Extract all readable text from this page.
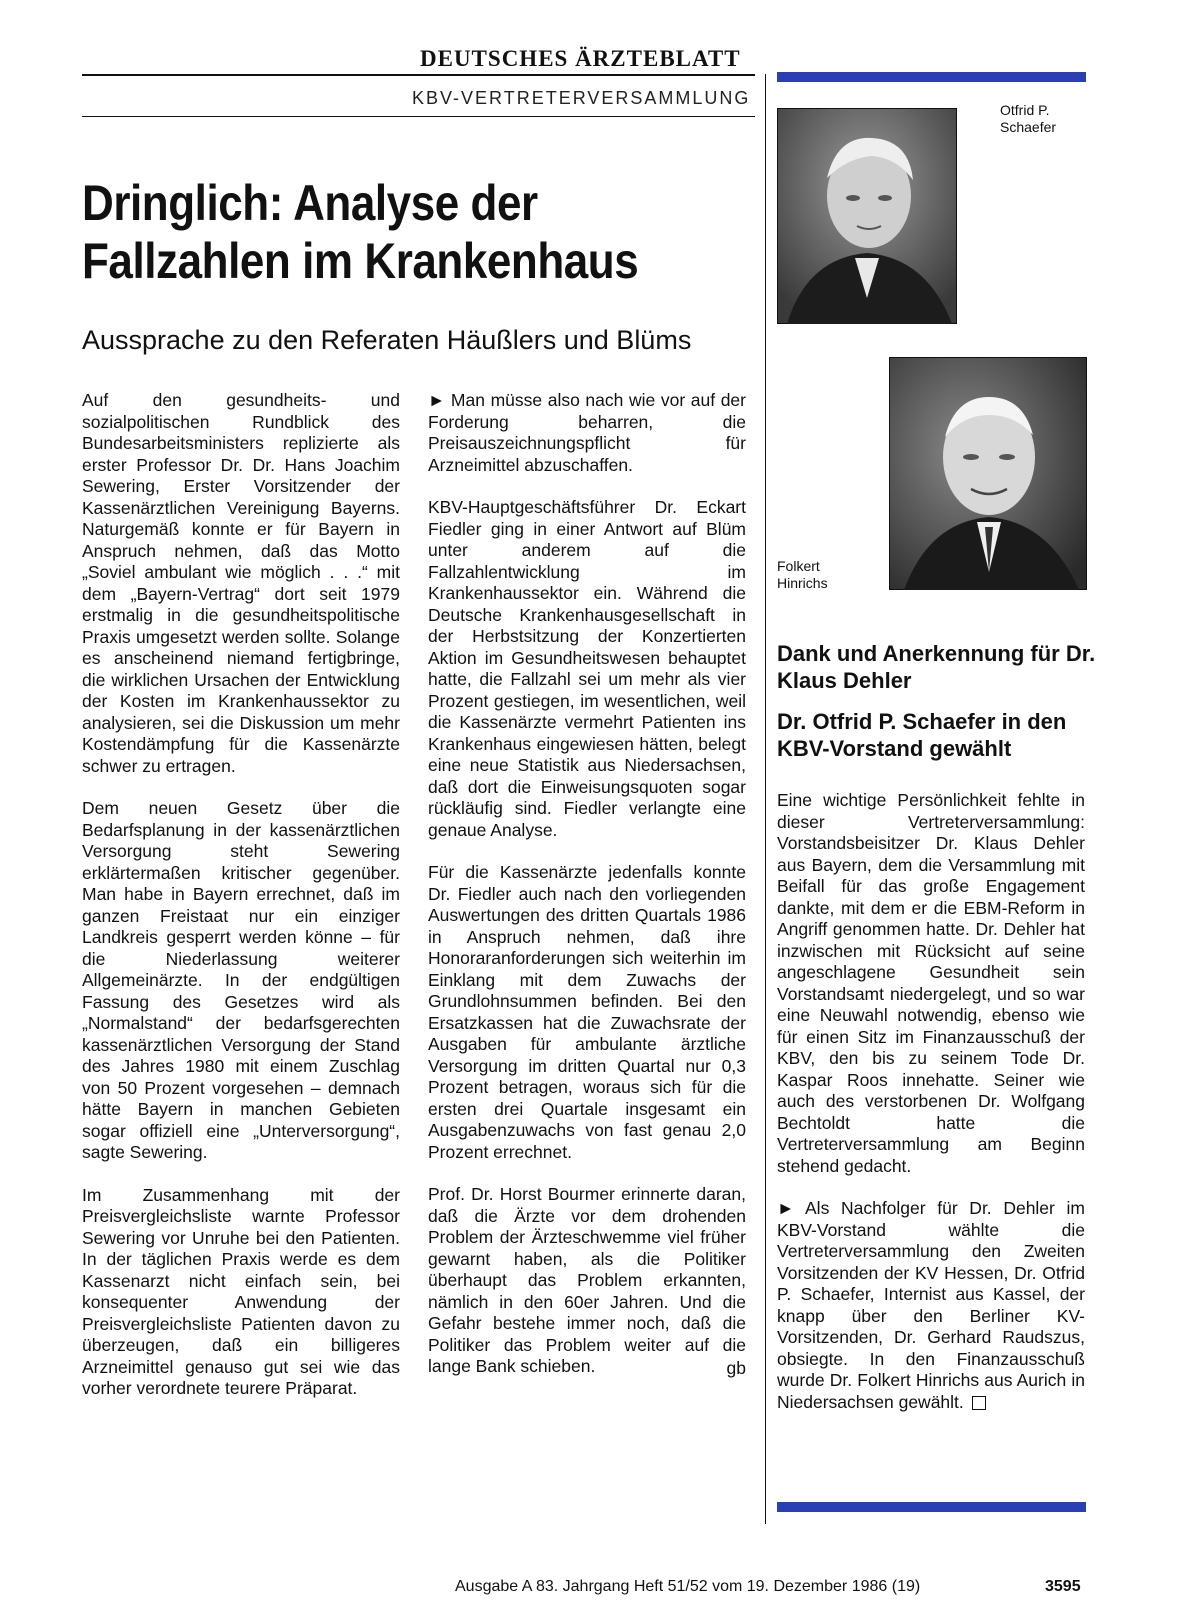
DEUTSCHES ÄRZTEBLATT
KBV-VERTRETERVERSAMMLUNG
Dringlich: Analyse der
Fallzahlen im Krankenhaus
Aussprache zu den Referaten Häußlers und Blüms

Auf den gesundheits- und sozialpolitischen Rundblick des Bundesarbeitsministers replizierte als erster Professor Dr. Dr. Hans Joachim Sewering, Erster Vorsitzender der Kassenärztlichen Vereinigung Bayerns. Naturgemäß konnte er für Bayern in Anspruch nehmen, daß das Motto „Soviel ambulant wie möglich . . .“ mit dem „Bayern-Vertrag“ dort seit 1979 erstmalig in die gesundheitspolitische Praxis umgesetzt werden sollte. Solange es anscheinend niemand fertigbringe, die wirklichen Ursachen der Entwicklung der Kosten im Krankenhaussektor zu analysieren, sei die Diskussion um mehr Kostendämpfung für die Kassenärzte schwer zu ertragen.

Dem neuen Gesetz über die Bedarfsplanung in der kassenärztlichen Versorgung steht Sewering erklärtermaßen kritischer gegenüber. Man habe in Bayern errechnet, daß im ganzen Freistaat nur ein einziger Landkreis gesperrt werden könne – für die Niederlassung weiterer Allgemeinärzte. In der endgültigen Fassung des Gesetzes wird als „Normalstand“ der bedarfsgerechten kassenärztlichen Versorgung der Stand des Jahres 1980 mit einem Zuschlag von 50 Prozent vorgesehen – demnach hätte Bayern in manchen Gebieten sogar offiziell eine „Unterversorgung“, sagte Sewering.

Im Zusammenhang mit der Preisvergleichsliste warnte Professor Sewering vor Unruhe bei den Patienten. In der täglichen Praxis werde es dem Kassenarzt nicht einfach sein, bei konsequenter Anwendung der Preisvergleichsliste Patienten davon zu überzeugen, daß ein billigeres Arzneimittel genauso gut sei wie das vorher verordnete teurere Präparat.

► Man müsse also nach wie vor auf der Forderung beharren, die Preisauszeichnungspflicht für Arzneimittel abzuschaffen.

KBV-Hauptgeschäftsführer Dr. Eckart Fiedler ging in einer Antwort auf Blüm unter anderem auf die Fallzahlentwicklung im Krankenhaussektor ein. Während die Deutsche Krankenhausgesellschaft in der Herbstsitzung der Konzertierten Aktion im Gesundheitswesen behauptet hatte, die Fallzahl sei um mehr als vier Prozent gestiegen, im wesentlichen, weil die Kassenärzte vermehrt Patienten ins Krankenhaus eingewiesen hätten, belegt eine neue Statistik aus Niedersachsen, daß dort die Einweisungsquoten sogar rückläufig sind. Fiedler verlangte eine genaue Analyse.

Für die Kassenärzte jedenfalls konnte Dr. Fiedler auch nach den vorliegenden Auswertungen des dritten Quartals 1986 in Anspruch nehmen, daß ihre Honoraranforderungen sich weiterhin im Einklang mit dem Zuwachs der Grundlohnsummen befinden. Bei den Ersatzkassen hat die Zuwachsrate der Ausgaben für ambulante ärztliche Versorgung im dritten Quartal nur 0,3 Prozent betragen, woraus sich für die ersten drei Quartale insgesamt ein Ausgabenzuwachs von fast genau 2,0 Prozent errechnet.

Prof. Dr. Horst Bourmer erinnerte daran, daß die Ärzte vor dem drohenden Problem der Ärzteschwemme viel früher gewarnt haben, als die Politiker überhaupt das Problem erkannten, nämlich in den 60er Jahren. Und die Gefahr bestehe immer noch, daß die Politiker das Problem weiter auf die lange Bank schieben.	gb
Otfrid P. Schaefer
Folkert Hinrichs
Dank und Anerkennung für Dr. Klaus Dehler
Dr. Otfrid P. Schaefer in den KBV-Vorstand gewählt

Eine wichtige Persönlichkeit fehlte in dieser Vertreterversammlung: Vorstandsbeisitzer Dr. Klaus Dehler aus Bayern, dem die Versammlung mit Beifall für das große Engagement dankte, mit dem er die EBM-Reform in Angriff genommen hatte. Dr. Dehler hat inzwischen mit Rücksicht auf seine angeschlagene Gesundheit sein Vorstandsamt niedergelegt, und so war eine Neuwahl notwendig, ebenso wie für einen Sitz im Finanzausschuß der KBV, den bis zu seinem Tode Dr. Kaspar Roos innehatte. Seiner wie auch des verstorbenen Dr. Wolfgang Bechtoldt hatte die Vertreterversammlung am Beginn stehend gedacht.

► Als Nachfolger für Dr. Dehler im KBV-Vorstand wählte die Vertreterversammlung den Zweiten Vorsitzenden der KV Hessen, Dr. Otfrid P. Schaefer, Internist aus Kassel, der knapp über den Berliner KV-Vorsitzenden, Dr. Gerhard Raudszus, obsiegte. In den Finanzausschuß wurde Dr. Folkert Hinrichs aus Aurich in Niedersachsen gewählt.

Ausgabe A 83. Jahrgang Heft 51/52 vom 19. Dezember 1986 (19)	3595
